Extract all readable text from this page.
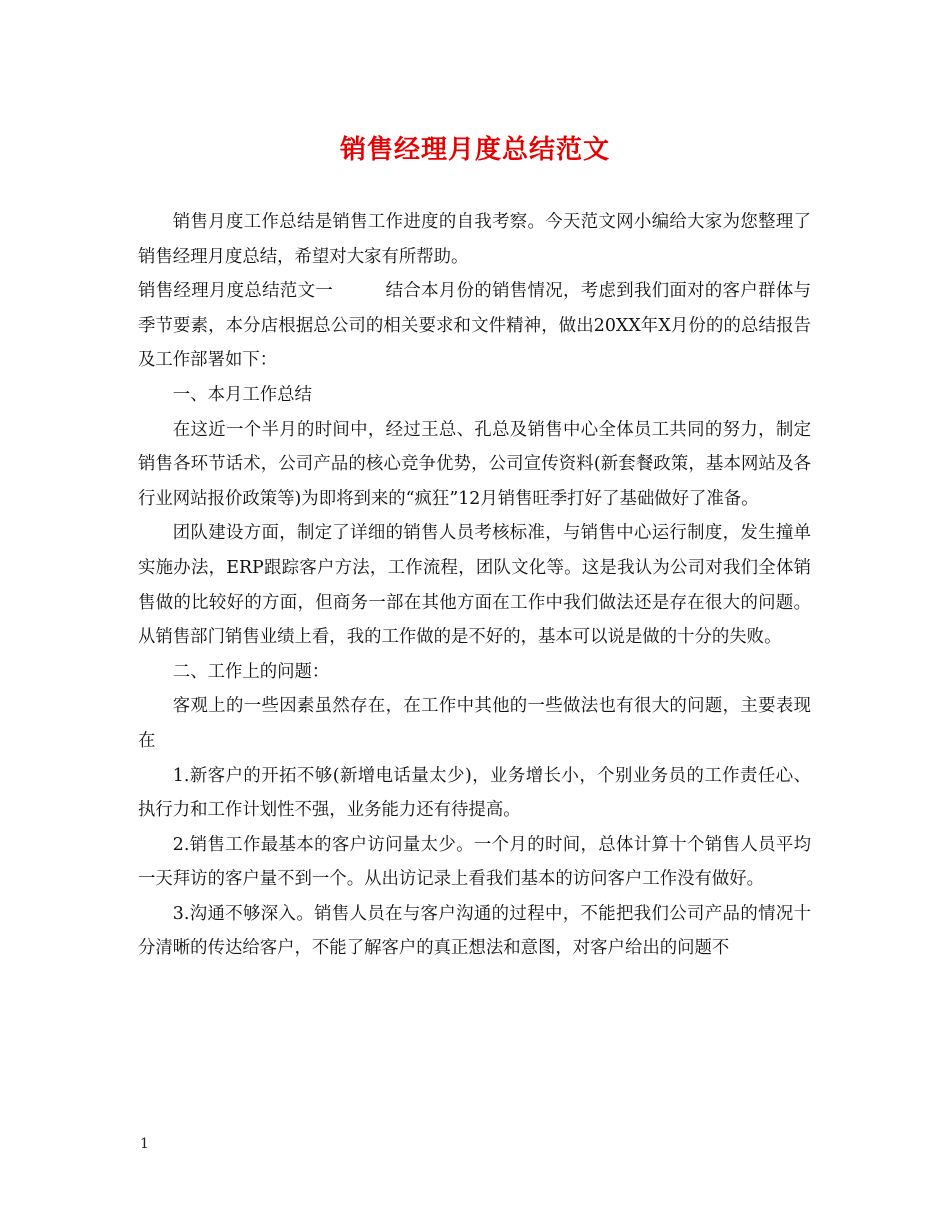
销售经理月度总结范文

销售月度工作总结是销售工作进度的自我考察。今天范文网小编给大家为您整理了销售经理月度总结，希望对大家有所帮助。

销售经理月度总结范文一	结合本月份的销售情况，考虑到我们面对的客户群体与季节要素，本分店根据总公司的相关要求和文件精神，做出20XX年X月份的的总结报告及工作部署如下：

一、本月工作总结

在这近一个半月的时间中，经过王总、孔总及销售中心全体员工共同的努力，制定销售各环节话术，公司产品的核心竞争优势，公司宣传资料(新套餐政策，基本网站及各行业网站报价政策等)为即将到来的“疯狂”12月销售旺季打好了基础做好了准备。

团队建设方面，制定了详细的销售人员考核标准，与销售中心运行制度，发生撞单实施办法，ERP跟踪客户方法，工作流程，团队文化等。这是我认为公司对我们全体销售做的比较好的方面，但商务一部在其他方面在工作中我们做法还是存在很大的问题。 从销售部门销售业绩上看，我的工作做的是不好的，基本可以说是做的十分的失败。

二、工作上的问题：

客观上的一些因素虽然存在，在工作中其他的一些做法也有很大的问题，主要表现在

1.新客户的开拓不够(新增电话量太少)，业务增长小，个别业务员的工作责任心、执行力和工作计划性不强，业务能力还有待提高。

2.销售工作最基本的客户访问量太少。一个月的时间，总体计算十个销售人员平均一天拜访的客户量不到一个。从出访记录上看我们基本的访问客户工作没有做好。

3.沟通不够深入。销售人员在与客户沟通的过程中，不能把我们公司产品的情况十分清晰的传达给客户，不能了解客户的真正想法和意图，对客户给出的问题不

1
